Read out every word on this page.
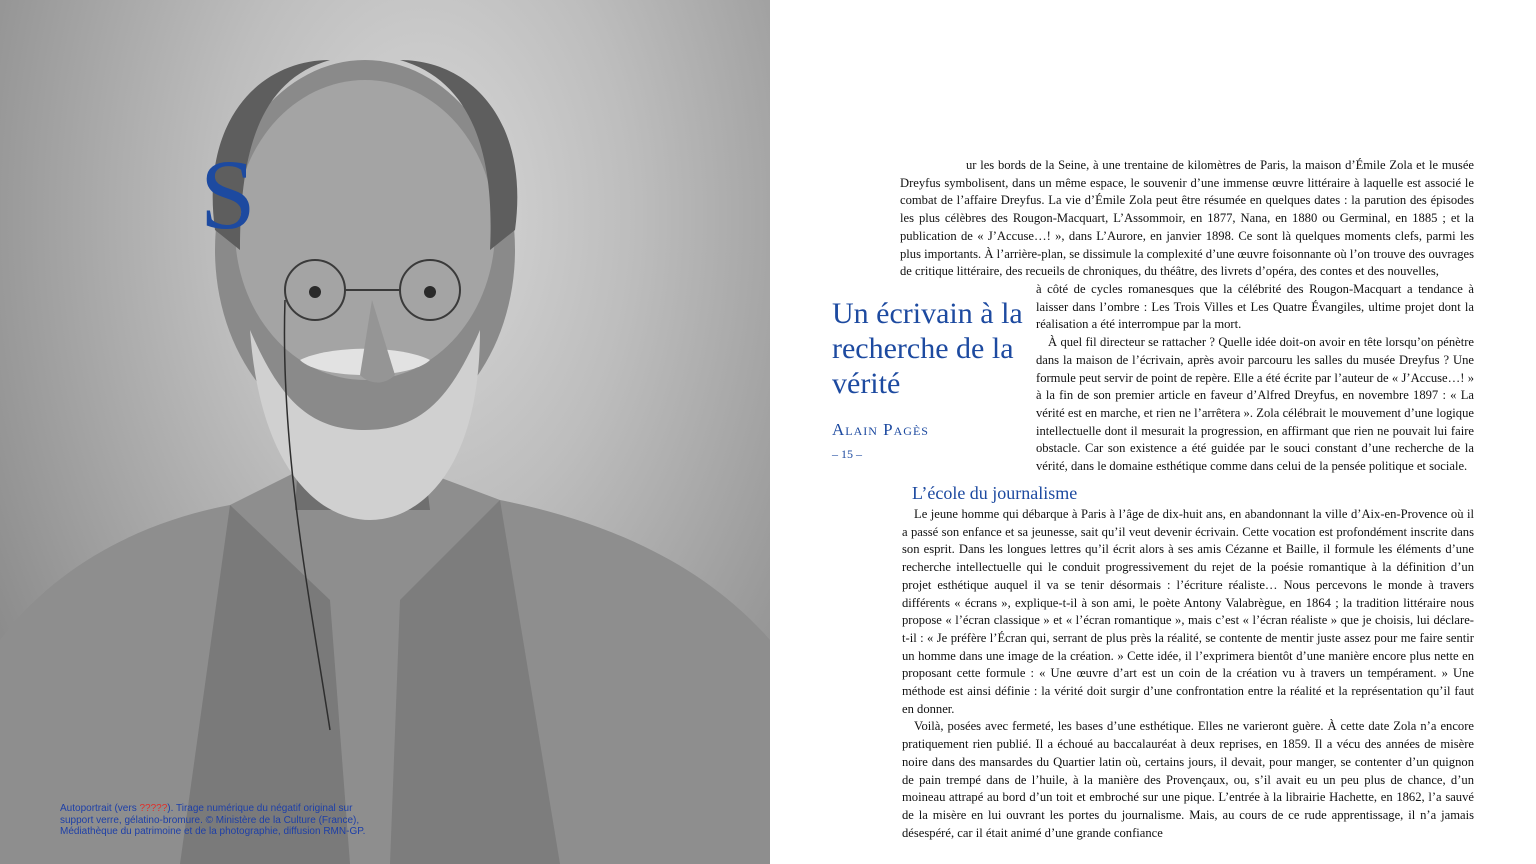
Autoportrait (vers ?????). Tirage numérique du négatif original sur support verre, gélatino-bromure. © Ministère de la Culture (France), Médiathèque du patrimoine et de la photographie, diffusion RMN-GP.
S	ur les bords de la Seine, à une trentaine de kilomètres de Paris, la maison d’Émile Zola et le musée Dreyfus symbolisent, dans un même espace, le souvenir d’une immense œuvre littéraire à laquelle est associé le combat de l’affaire Dreyfus. La vie d’Émile Zola peut être résumée en quelques dates : la parution des épisodes les plus célèbres des Rougon-Macquart, L’Assommoir, en 1877, Nana, en 1880 ou Germinal, en 1885 ; et la publication de « J’Accuse…! », dans L’Aurore, en janvier 1898. Ce sont là quelques moments clefs, parmi les plus importants. À l’arrière-plan, se dissimule la complexité d’une œuvre foisonnante où l’on trouve des ouvrages de critique littéraire, des recueils de chroniques, du théâtre, des livrets d’opéra, des contes et des nouvelles,

à côté de cycles romanesques que la célébrité des Rougon-Macquart a tendance à laisser dans l’ombre : Les Trois Villes et Les Quatre Évangiles, ultime projet dont la réalisation a été interrompue par la mort.

À quel fil directeur se rattacher ? Quelle idée doit-on avoir en tête lorsqu’on pénètre dans la maison de l’écrivain, après avoir parcouru les salles du musée Dreyfus ? Une formule peut servir de point de repère. Elle a été écrite par l’auteur de « J’Accuse…! » à la fin de son premier article en faveur d’Alfred Dreyfus, en novembre 1897 : « La vérité est en marche, et rien ne l’arrêtera ». Zola célébrait le mouvement d’une logique intellectuelle dont il mesurait la progression, en affirmant que rien ne pouvait lui faire obstacle. Car son existence a été guidée par le souci constant d’une recherche de la vérité, dans le domaine esthétique comme dans celui de la pensée politique et sociale.

Un écrivain à la recherche de la vérité
Alain Pagès
– 15 –
L’école du journalisme

Le jeune homme qui débarque à Paris à l’âge de dix-huit ans, en abandonnant la ville d’Aix-en-Provence où il a passé son enfance et sa jeunesse, sait qu’il veut devenir écrivain. Cette vocation est profondément inscrite dans son esprit. Dans les longues lettres qu’il écrit alors à ses amis Cézanne et Baille, il formule les éléments d’une recherche intellectuelle qui le conduit progressivement du rejet de la poésie romantique à la définition d’un projet esthétique auquel il va se tenir désormais : l’écriture réaliste… Nous percevons le monde à travers différents « écrans », explique-t-il à son ami, le poète Antony Valabrègue, en 1864 ; la tradition littéraire nous propose « l’écran classique » et « l’écran romantique », mais c’est « l’écran réaliste » que je choisis, lui déclare-t-il : « Je préfère l’Écran qui, serrant de plus près la réalité, se contente de mentir juste assez pour me faire sentir un homme dans une image de la création. » Cette idée, il l’exprimera bientôt d’une manière encore plus nette en proposant cette formule : « Une œuvre d’art est un coin de la création vu à travers un tempérament. » Une méthode est ainsi définie : la vérité doit surgir d’une confrontation entre la réalité et la représentation qu’il faut en donner.

Voilà, posées avec fermeté, les bases d’une esthétique. Elles ne varieront guère. À cette date Zola n’a encore pratiquement rien publié. Il a échoué au baccalauréat à deux reprises, en 1859. Il a vécu des années de misère noire dans des mansardes du Quartier latin où, certains jours, il devait, pour manger, se contenter d’un quignon de pain trempé dans de l’huile, à la manière des Provençaux, ou, s’il avait eu un peu plus de chance, d’un moineau attrapé au bord d’un toit et embroché sur une pique. L’entrée à la librairie Hachette, en 1862, l’a sauvé de la misère en lui ouvrant les portes du journalisme. Mais, au cours de ce rude apprentissage, il n’a jamais désespéré, car il était animé d’une grande confiance
